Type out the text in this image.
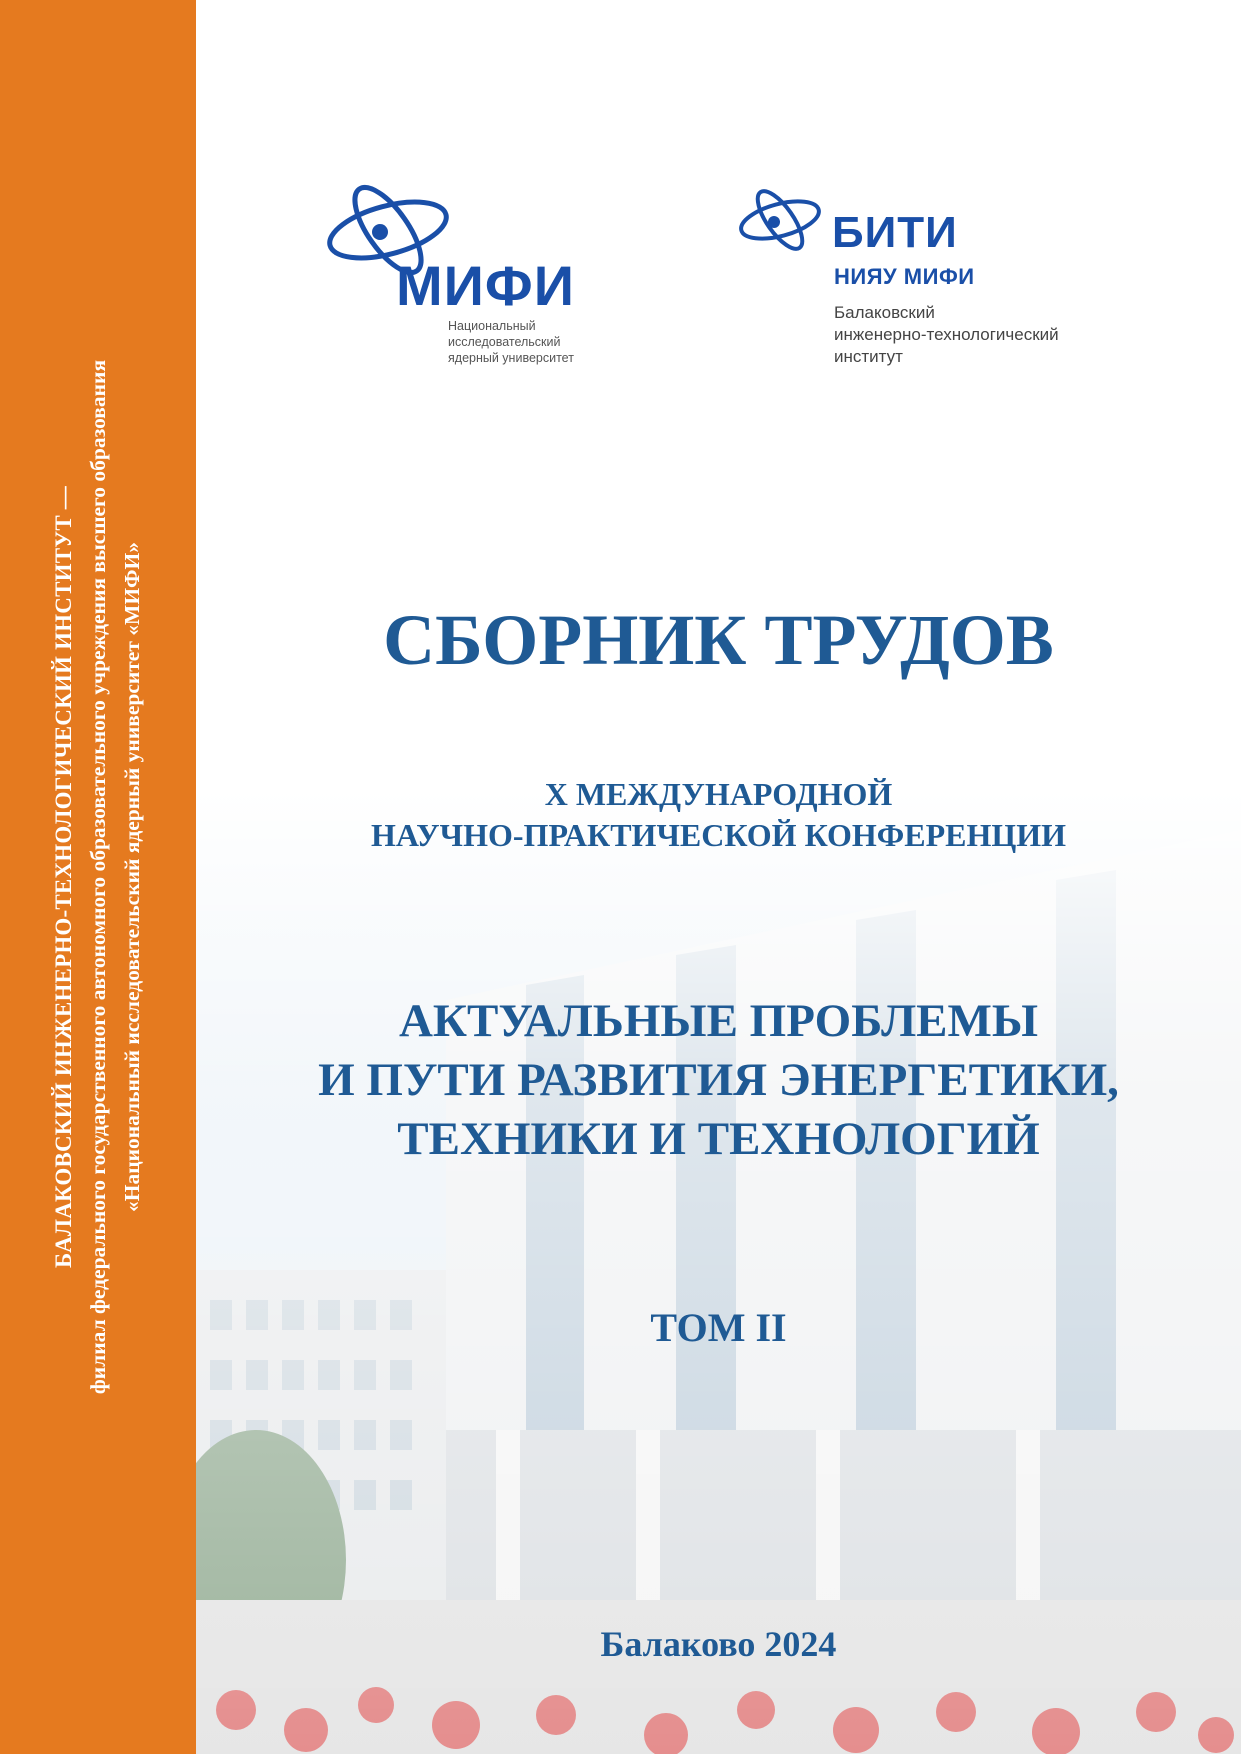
БАЛАКОВСКИЙ ИНЖЕНЕРНО-ТЕХНОЛОГИЧЕСКИЙ ИНСТИТУТ — филиал федерального государственного автономного образовательного учреждения высшего образования «Национальный исследовательский ядерный университет «МИФИ»
МИФИ
Национальный
исследовательский
ядерный университет
БИТИ
НИЯУ МИФИ
Балаковский
инженерно-технологический
институт
СБОРНИК ТРУДОВ
X МЕЖДУНАРОДНОЙ
НАУЧНО-ПРАКТИЧЕСКОЙ КОНФЕРЕНЦИИ
АКТУАЛЬНЫЕ ПРОБЛЕМЫ
И ПУТИ РАЗВИТИЯ ЭНЕРГЕТИКИ,
ТЕХНИКИ И ТЕХНОЛОГИЙ
ТОМ II
Балаково 2024
